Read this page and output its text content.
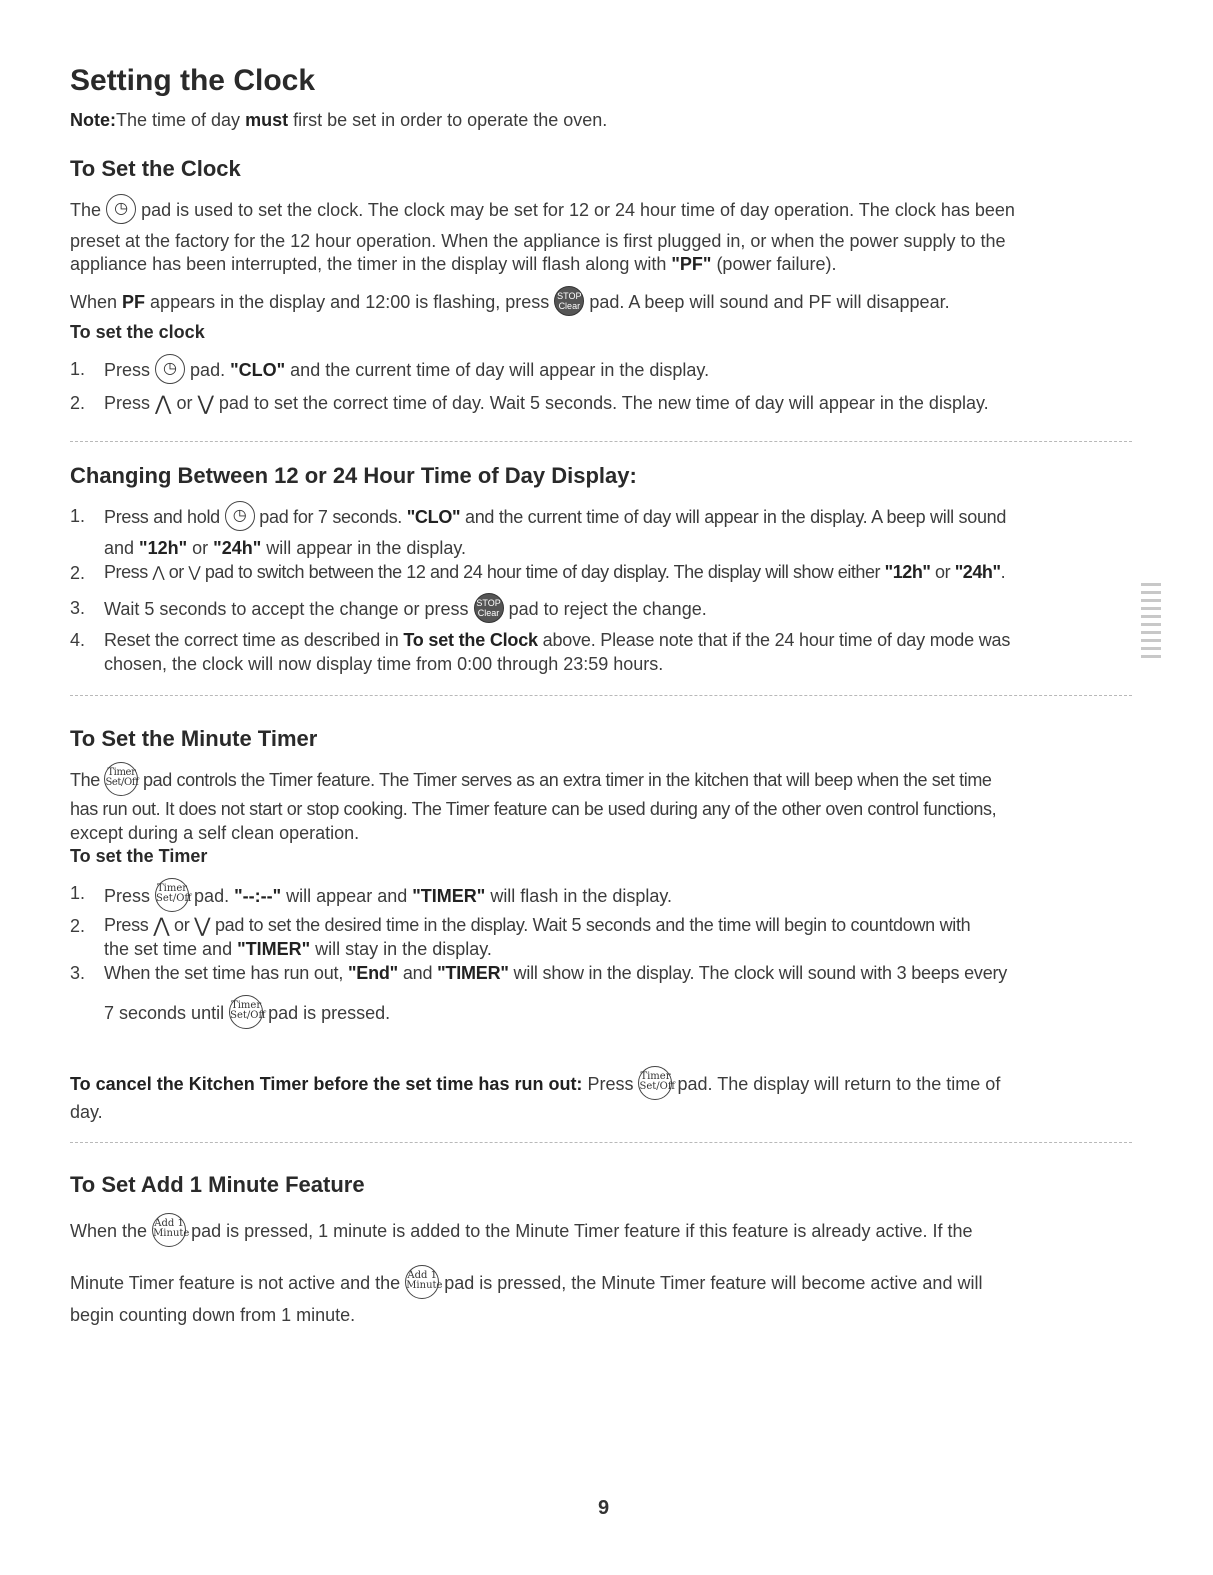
Setting the Clock
Note:The time of day must first be set in order to operate the oven.
To Set the Clock
The ◷ pad is used to set the clock. The clock may be set for 12 or 24 hour time of day operation. The clock has been
preset at the factory for the 12 hour operation. When the appliance is first plugged in, or when the power supply to the
appliance has been interrupted, the timer in the display will flash along with "PF" (power failure).
When PF appears in the display and 12:00 is flashing, press STOP
Clear pad. A beep will sound and PF will disappear.
To set the clock
1. Press ◷ pad. "CLO" and the current time of day will appear in the display.
2. Press ⋀ or ⋁ pad to set the correct time of day. Wait 5 seconds. The new time of day will appear in the display.
Changing Between 12 or 24 Hour Time of Day Display:
1. Press and hold ◷ pad for 7 seconds. "CLO" and the current time of day will appear in the display. A beep will sound
and "12h" or "24h" will appear in the display.
2. Press ⋀ or ⋁ pad to switch between the 12 and 24 hour time of day display. The display will show either "12h" or "24h".
3. Wait 5 seconds to accept the change or press STOP
Clear pad to reject the change.
4. Reset the correct time as described in To set the Clock above. Please note that if the 24 hour time of day mode was
chosen, the clock will now display time from 0:00 through 23:59 hours.
To Set the Minute Timer
The Timer
Set/Off pad controls the Timer feature. The Timer serves as an extra timer in the kitchen that will beep when the set time
has run out. It does not start or stop cooking. The Timer feature can be used during any of the other oven control functions,
except during a self clean operation.
To set the Timer
1. Press Timer
Set/Off pad. "--:--" will appear and "TIMER" will flash in the display.
2. Press ⋀ or ⋁ pad to set the desired time in the display. Wait 5 seconds and the time will begin to countdown with
the set time and "TIMER" will stay in the display.
3. When the set time has run out, "End" and "TIMER" will show in the display. The clock will sound with 3 beeps every
7 seconds until Timer
Set/Off pad is pressed.
To cancel the Kitchen Timer before the set time has run out: Press Timer
Set/Off pad. The display will return to the time of
day.
To Set Add 1 Minute Feature
When the Add 1
Minute pad is pressed, 1 minute is added to the Minute Timer feature if this feature is already active. If the
Minute Timer feature is not active and the Add 1
Minute pad is pressed, the Minute Timer feature will become active and will
begin counting down from 1 minute.
9
